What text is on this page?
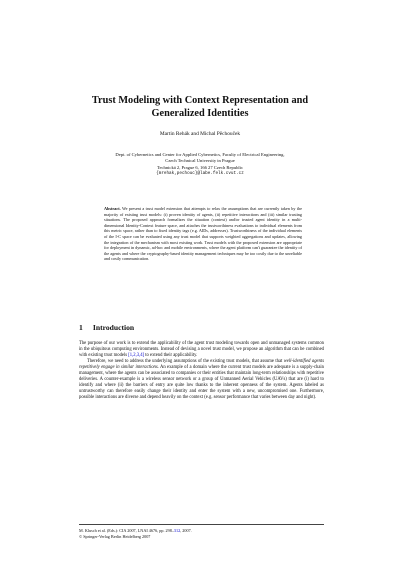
Trust Modeling with Context Representation and
Generalized Identities
Martin Rehák and Michal Pěchouček
Dept. of Cybernetics and Center for Applied Cybernetics, Faculty of Electrical Engineering,
Czech Technical University in Prague
Technická 2, Prague 6, 166 27 Czech Republic
{mrehak,pechouc}@labe.felk.cvut.cz
Abstract. We present a trust model extension that attempts to relax the assumptions that are currently taken by the majority of existing trust models: (i) proven identity of agents, (ii) repetitive interactions and (iii) similar trusting situations. The proposed approach formalizes the situation (context) and/or trusted agent identity in a multi-dimensional Identity-Context feature space, and attaches the trustworthiness evaluations to individual elements from this metric space, rather than to fixed identity tags (e.g. AIDs, addresses). Trustworthiness of the individual elements of the I-C space can be evaluated using any trust model that supports weighted aggregations and updates, allowing the integration of the mechanism with most existing work. Trust models with the proposed extension are appropriate for deployment in dynamic, ad-hoc and mobile environments, where the agent platform can't guarantee the identity of the agents and where the cryptography-based identity management techniques may be too costly due to the unreliable and costly communication.
1 Introduction

The purpose of our work is to extend the applicability of the agent trust modeling towards open and unmanaged systems common in the ubiquitous computing environments. Instead of devising a novel trust model, we propose an algorithm that can be combined with existing trust models [1,2,3,4] to extend their applicability.

Therefore, we need to address the underlying assumptions of the existing trust models, that assume that well-identified agents repetitively engage in similar interactions. An example of a domain where the current trust models are adequate is a supply-chain management, where the agents can be associated to companies or their entities that maintain long-term relationships with repetitive deliveries. A counter-example is a wireless sensor network or a group of Unmanned Aerial Vehicles (UAVs) that are (i) hard to identify and where (ii) the barriers of entry are quite low thanks to the inherent openness of the system. Agents labeled as untrustworthy can therefore easily change their identity and enter the system with a new, uncompromised one. Furthermore, possible interactions are diverse and depend heavily on the context (e.g. sensor performance that varies between day and night).

M. Klusch et al. (Eds.): CIA 2007, LNAI 4676, pp. 298–312, 2007.
© Springer-Verlag Berlin Heidelberg 2007
